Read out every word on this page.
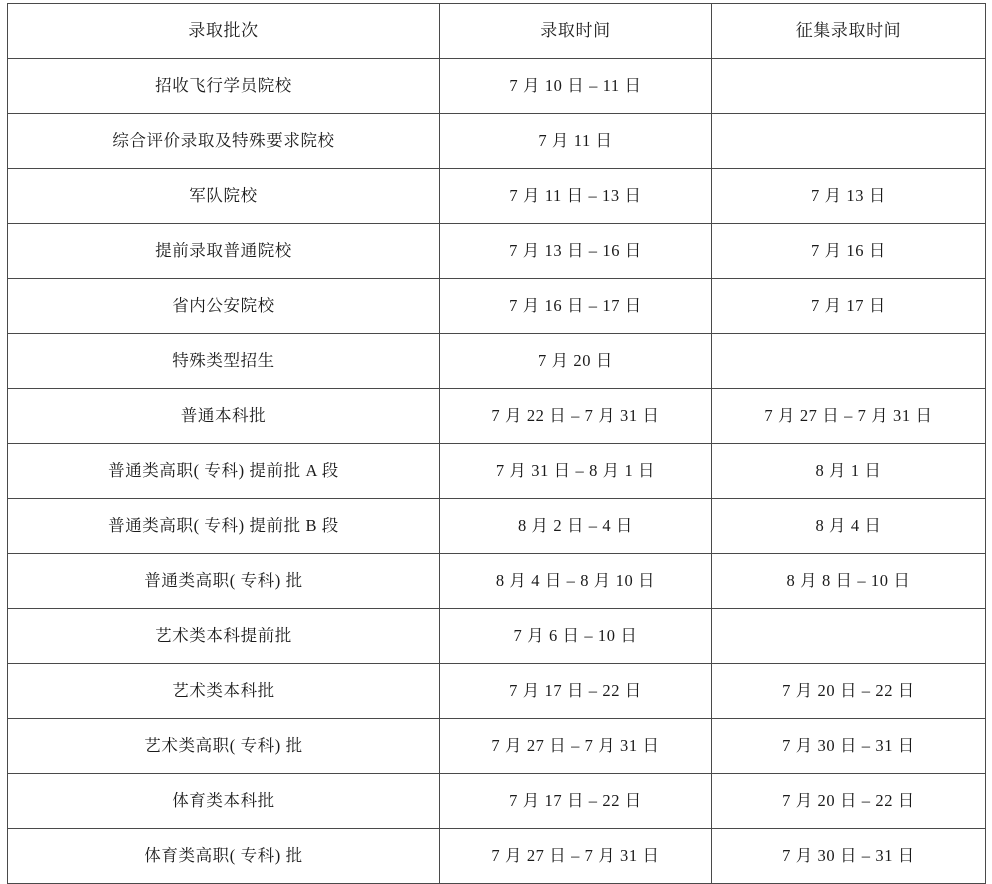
录取批次	录取时间	征集录取时间
招收飞行学员院校	7 月 10 日 – 11 日	
综合评价录取及特殊要求院校	7 月 11 日	
军队院校	7 月 11 日 – 13 日	7 月 13 日
提前录取普通院校	7 月 13 日 – 16 日	7 月 16 日
省内公安院校	7 月 16 日 – 17 日	7 月 17 日
特殊类型招生	7 月 20 日	
普通本科批	7 月 22 日 – 7 月 31 日	7 月 27 日 – 7 月 31 日
普通类高职( 专科) 提前批 A 段	7 月 31 日 – 8 月 1 日	8 月 1 日
普通类高职( 专科) 提前批 B 段	8 月 2 日 – 4 日	8 月 4 日
普通类高职( 专科) 批	8 月 4 日 – 8 月 10 日	8 月 8 日 – 10 日
艺术类本科提前批	7 月 6 日 – 10 日	
艺术类本科批	7 月 17 日 – 22 日	7 月 20 日 – 22 日
艺术类高职( 专科) 批	7 月 27 日 – 7 月 31 日	7 月 30 日 – 31 日
体育类本科批	7 月 17 日 – 22 日	7 月 20 日 – 22 日
体育类高职( 专科) 批	7 月 27 日 – 7 月 31 日	7 月 30 日 – 31 日
